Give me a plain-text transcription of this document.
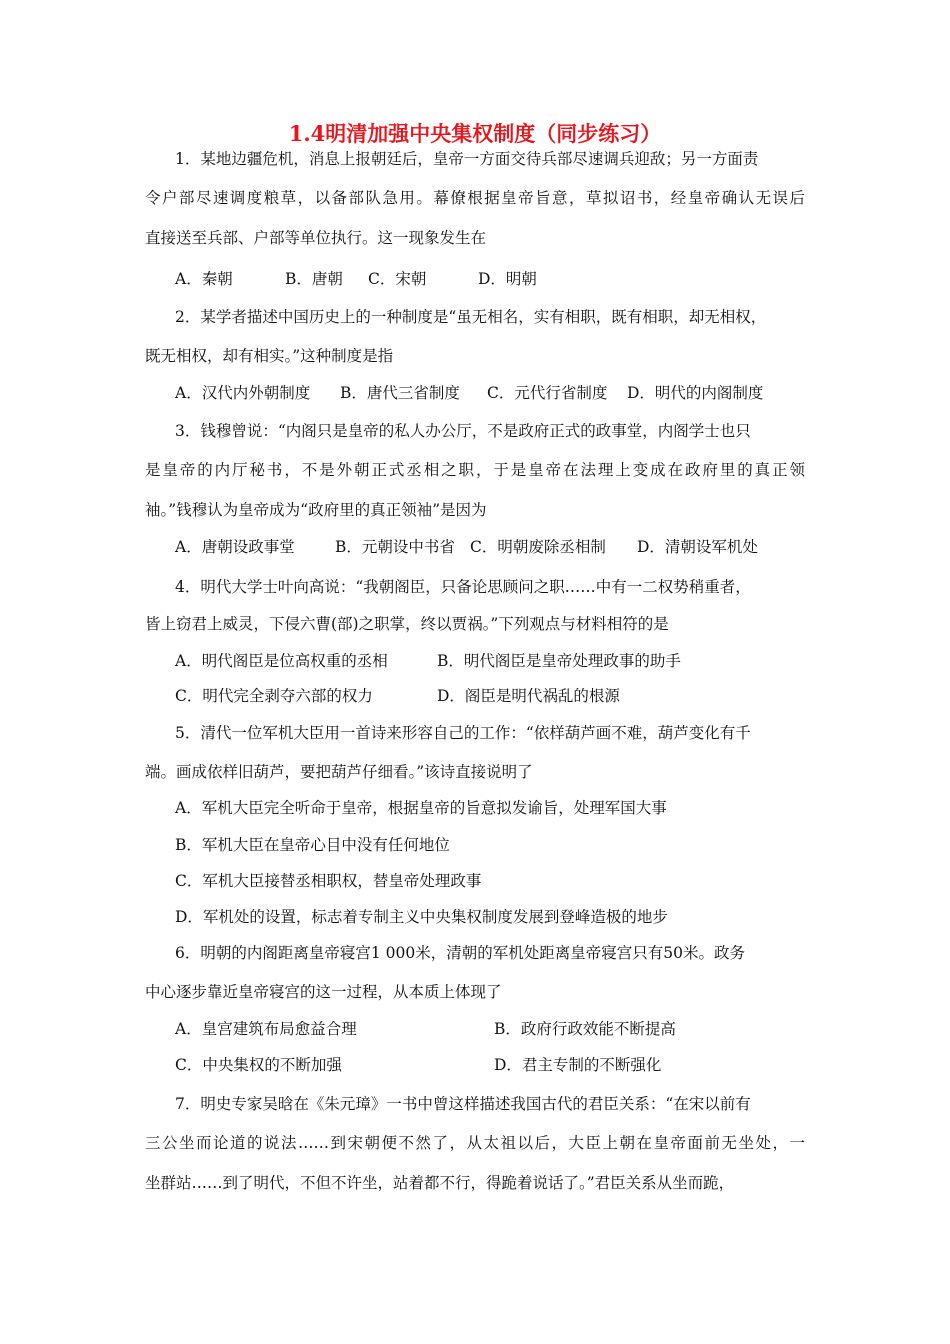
1.4明清加强中央集权制度（同步练习）
1．某地边疆危机，消息上报朝廷后，皇帝一方面交待兵部尽速调兵迎敌；另一方面责
令户部尽速调度粮草，以备部队急用。幕僚根据皇帝旨意，草拟诏书，经皇帝确认无误后
直接送至兵部、户部等单位执行。这一现象发生在
A．秦朝	B．唐朝 C．宋朝	D．明朝
2．某学者描述中国历史上的一种制度是“虽无相名，实有相职，既有相职，却无相权，
既无相权，却有相实。”这种制度是指
A．汉代内外朝制度 B．唐代三省制度 C．元代行省制度 D．明代的内阁制度
3．钱穆曾说：“内阁只是皇帝的私人办公厅，不是政府正式的政事堂，内阁学士也只
是皇帝的内厅秘书，不是外朝正式丞相之职，于是皇帝在法理上变成在政府里的真正领
袖。”钱穆认为皇帝成为“政府里的真正领袖”是因为
A．唐朝设政事堂	B．元朝设中书省 C．明朝废除丞相制 D．清朝设军机处
4．明代大学士叶向高说：“我朝阁臣，只备论思顾问之职……中有一二权势稍重者，
皆上窃君上威灵，下侵六曹(部)之职掌，终以贾祸。”下列观点与材料相符的是
A．明代阁臣是位高权重的丞相	B．明代阁臣是皇帝处理政事的助手
C．明代完全剥夺六部的权力	D．阁臣是明代祸乱的根源
5．清代一位军机大臣用一首诗来形容自己的工作：“依样葫芦画不难，葫芦变化有千
端。画成依样旧葫芦，要把葫芦仔细看。”该诗直接说明了
A．军机大臣完全听命于皇帝，根据皇帝的旨意拟发谕旨，处理军国大事
B．军机大臣在皇帝心目中没有任何地位
C．军机大臣接替丞相职权，替皇帝处理政事
D．军机处的设置，标志着专制主义中央集权制度发展到登峰造极的地步
6．明朝的内阁距离皇帝寝宫1 000米，清朝的军机处距离皇帝寝宫只有50米。政务
中心逐步靠近皇帝寝宫的这一过程，从本质上体现了
A．皇宫建筑布局愈益合理	B．政府行政效能不断提高
C．中央集权的不断加强	D．君主专制的不断强化
7．明史专家吴晗在《朱元璋》一书中曾这样描述我国古代的君臣关系：“在宋以前有
三公坐而论道的说法……到宋朝便不然了，从太祖以后，大臣上朝在皇帝面前无坐处，一
坐群站……到了明代，不但不许坐，站着都不行，得跪着说话了。”君臣关系从坐而跪，
